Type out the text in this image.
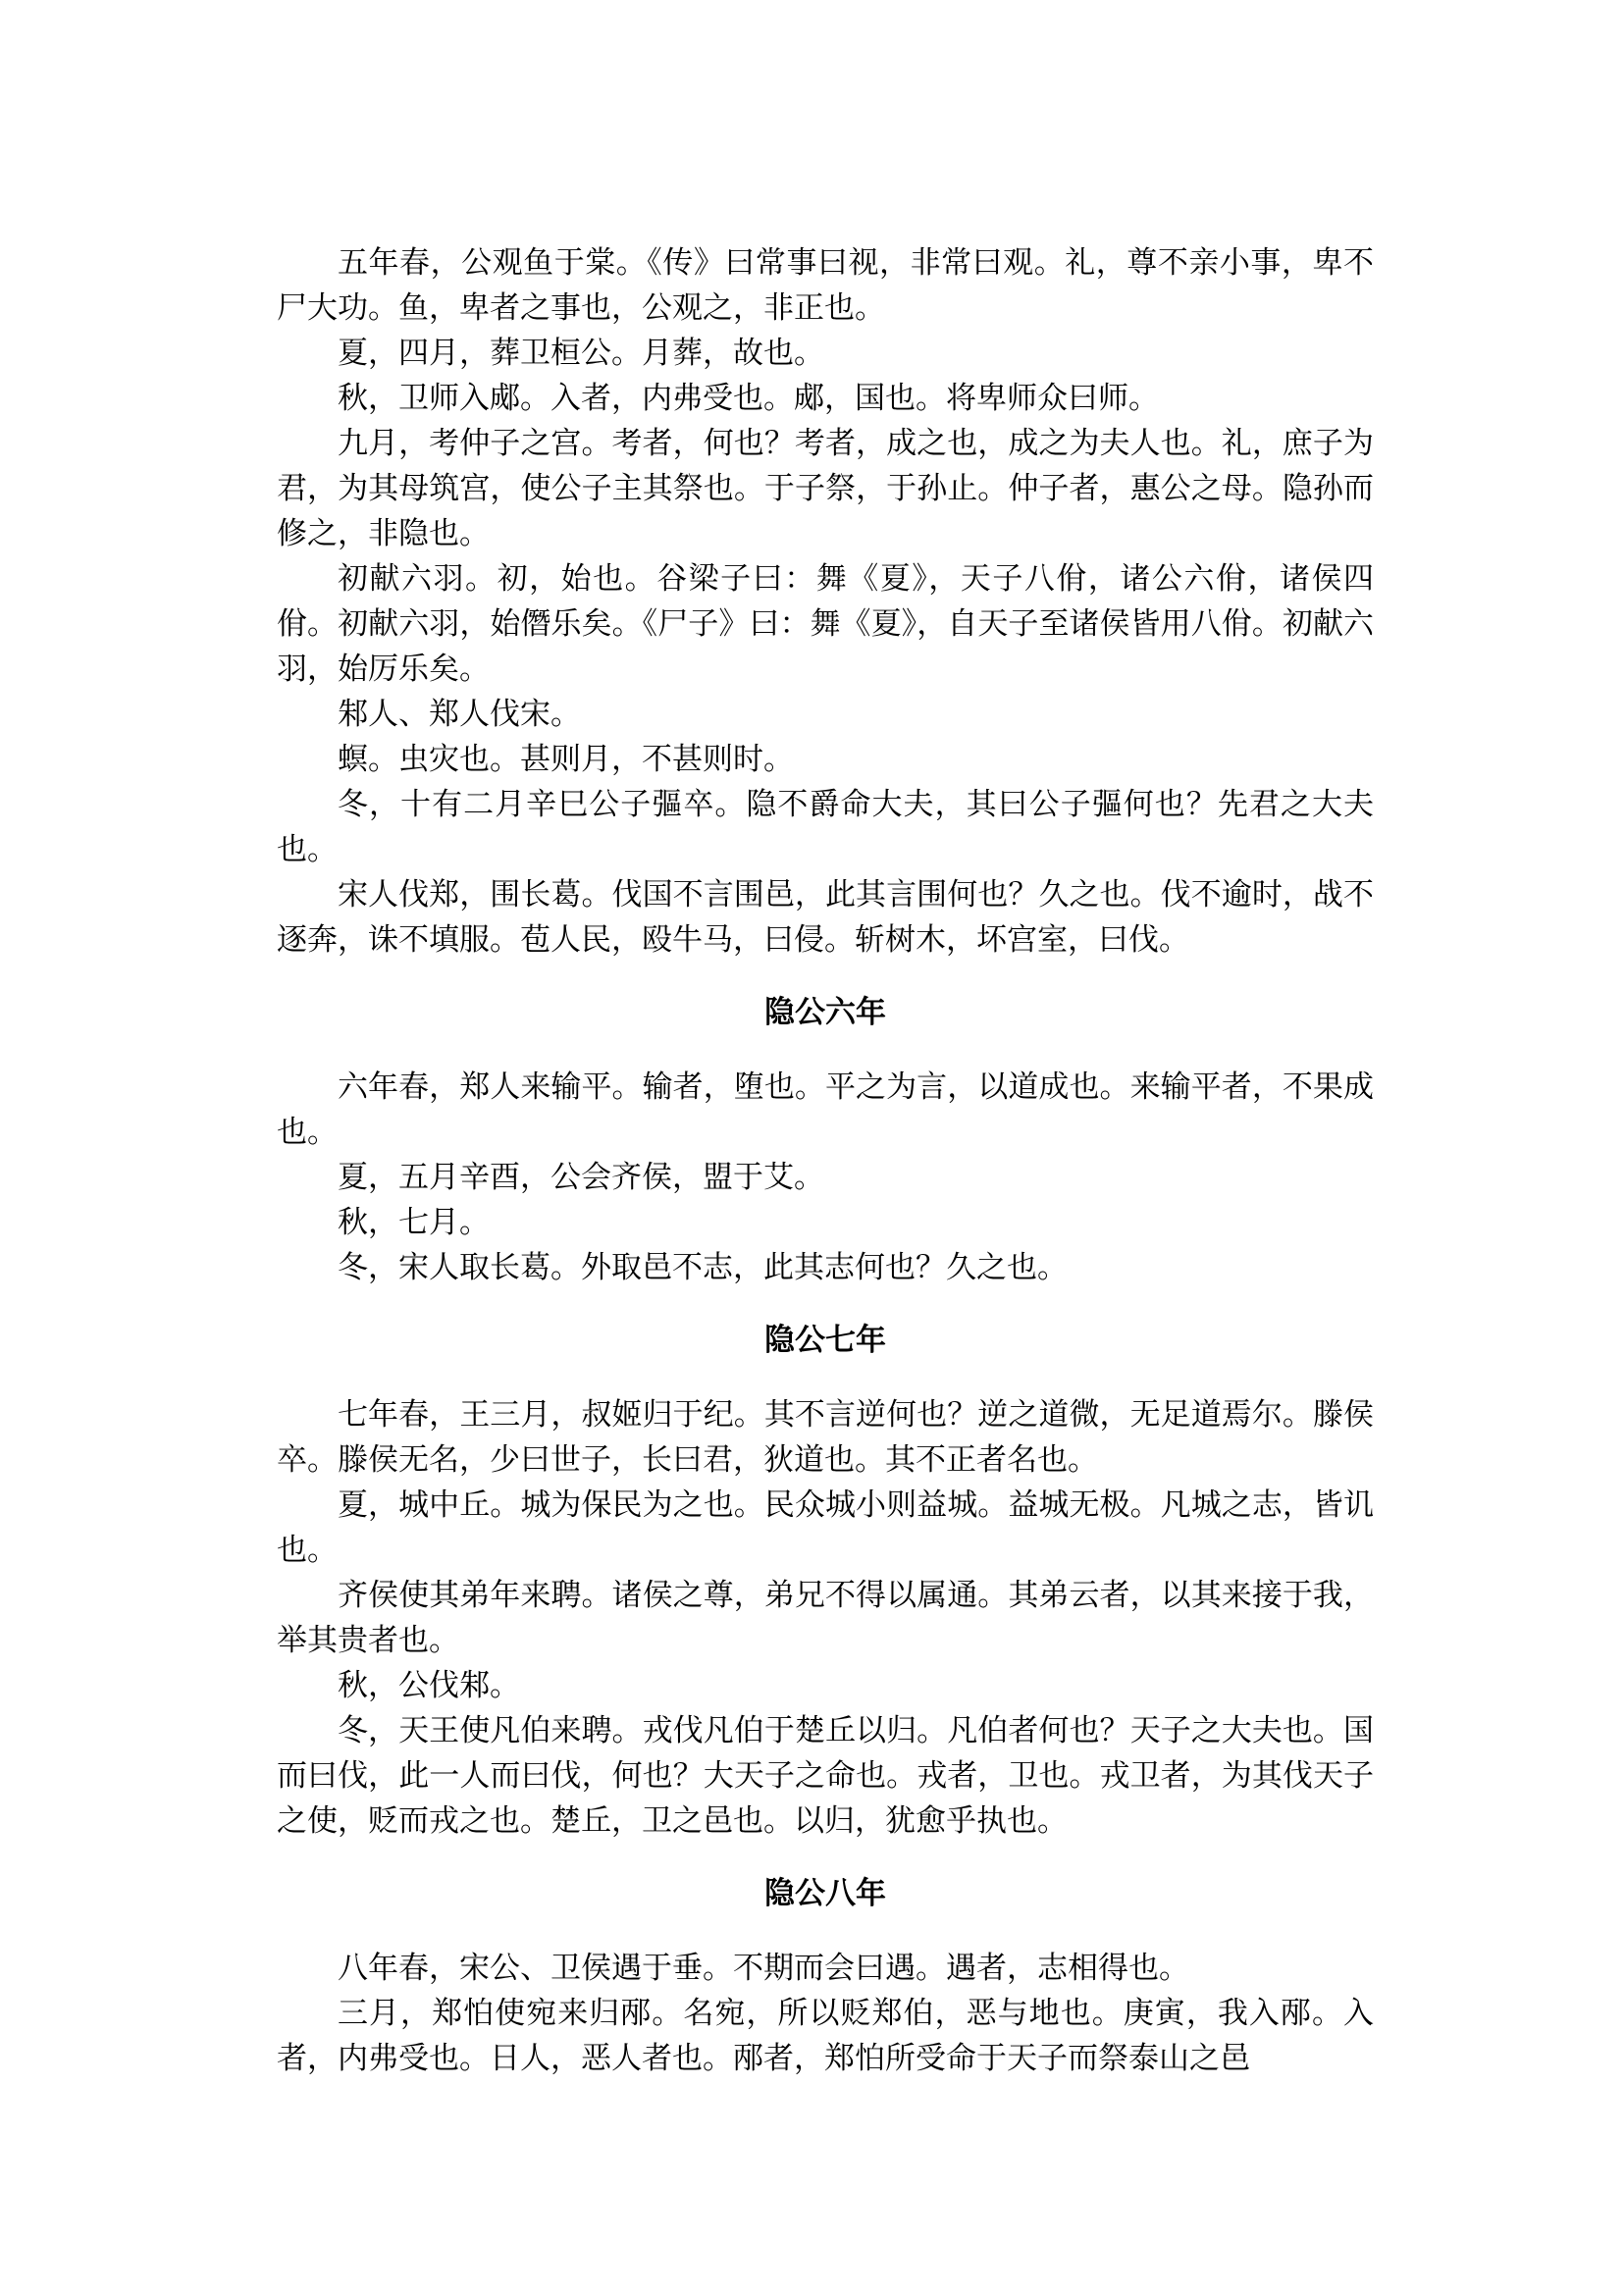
五年春，公观鱼于棠。《传》曰常事曰视，非常曰观。礼，尊不亲小事，卑不尸大功。鱼，卑者之事也，公观之，非正也。

夏，四月，葬卫桓公。月葬，故也。

秋，卫师入郕。入者，内弗受也。郕，国也。将卑师众曰师。

九月，考仲子之宫。考者，何也？考者，成之也，成之为夫人也。礼，庶子为君，为其母筑宫，使公子主其祭也。于子祭，于孙止。仲子者，惠公之母。隐孙而修之，非隐也。

初献六羽。初，始也。谷梁子曰：舞《夏》，天子八佾，诸公六佾，诸侯四佾。初献六羽，始僭乐矣。《尸子》曰：舞《夏》，自天子至诸侯皆用八佾。初献六羽，始厉乐矣。

邾人、郑人伐宋。

螟。虫灾也。甚则月，不甚则时。

冬，十有二月辛巳公子彄卒。隐不爵命大夫，其曰公子彄何也？先君之大夫也。

宋人伐郑，围长葛。伐国不言围邑，此其言围何也？久之也。伐不逾时，战不逐奔，诛不填服。苞人民，殴牛马，曰侵。斩树木，坏宫室，曰伐。

隐公六年

六年春，郑人来输平。输者，堕也。平之为言，以道成也。来输平者，不果成也。

夏，五月辛酉，公会齐侯，盟于艾。

秋，七月。

冬，宋人取长葛。外取邑不志，此其志何也？久之也。

隐公七年

七年春，王三月，叔姬归于纪。其不言逆何也？逆之道微，无足道焉尔。滕侯卒。滕侯无名，少曰世子，长曰君，狄道也。其不正者名也。

夏，城中丘。城为保民为之也。民众城小则益城。益城无极。凡城之志，皆讥也。

齐侯使其弟年来聘。诸侯之尊，弟兄不得以属通。其弟云者，以其来接于我，举其贵者也。

秋，公伐邾。

冬，天王使凡伯来聘。戎伐凡伯于楚丘以归。凡伯者何也？天子之大夫也。国而曰伐，此一人而曰伐，何也？大天子之命也。戎者，卫也。戎卫者，为其伐天子之使，贬而戎之也。楚丘，卫之邑也。以归，犹愈乎执也。

隐公八年

八年春，宋公、卫侯遇于垂。不期而会曰遇。遇者，志相得也。

三月，郑怕使宛来归邴。名宛，所以贬郑伯，恶与地也。庚寅，我入邴。入者，内弗受也。日人，恶人者也。邴者，郑怕所受命于天子而祭泰山之邑
